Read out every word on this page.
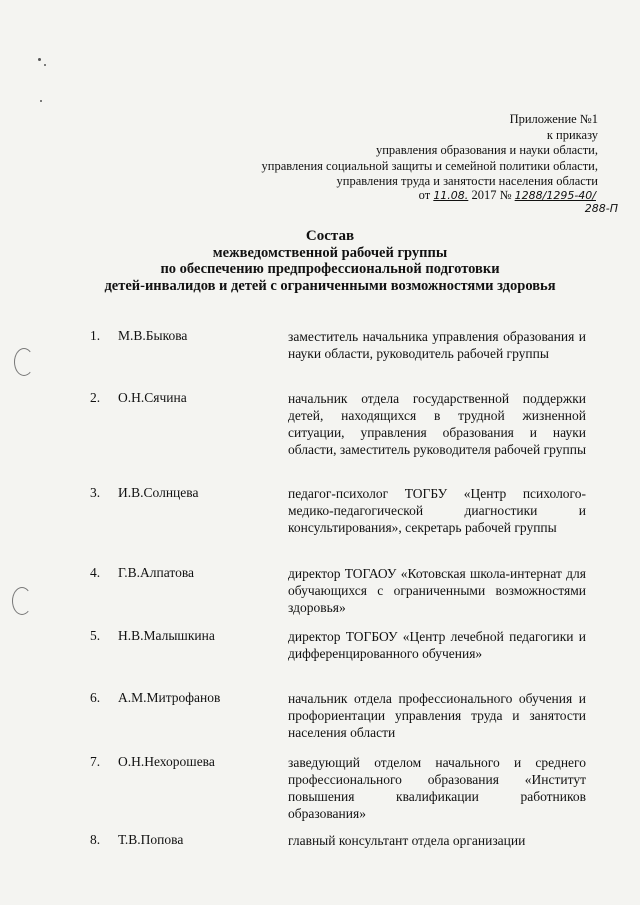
Приложение №1
к приказу
управления образования и науки области,
управления социальной защиты и семейной политики области,
управления труда и занятости населения области
от 11.08. 2017 № 1288/1295-40/
288-П
Состав
межведомственной рабочей группы
по обеспечению предпрофессиональной подготовки
детей-инвалидов и детей с ограниченными возможностями здоровья
1. М.В.Быкова	заместитель начальника управления образования и науки области, руководитель рабочей группы
2. О.Н.Сячина	начальник отдела государственной поддержки детей, находящихся в трудной жизненной ситуации, управления образования и науки области, заместитель руководителя рабочей группы
3. И.В.Солнцева	педагог-психолог ТОГБУ «Центр психолого-медико-педагогической диагностики и консультирования», секретарь рабочей группы
4. Г.В.Алпатова	директор ТОГАОУ «Котовская школа-интернат для обучающихся с ограниченными возможностями здоровья»
5. Н.В.Малышкина	директор ТОГБОУ «Центр лечебной педагогики и дифференцированного обучения»
6. А.М.Митрофанов	начальник отдела профессионального обучения и профориентации управления труда и занятости населения области
7. О.Н.Нехорошева	заведующий отделом начального и среднего профессионального образования «Институт повышения квалификации работников образования»
8. Т.В.Попова	главный консультант отдела организации
